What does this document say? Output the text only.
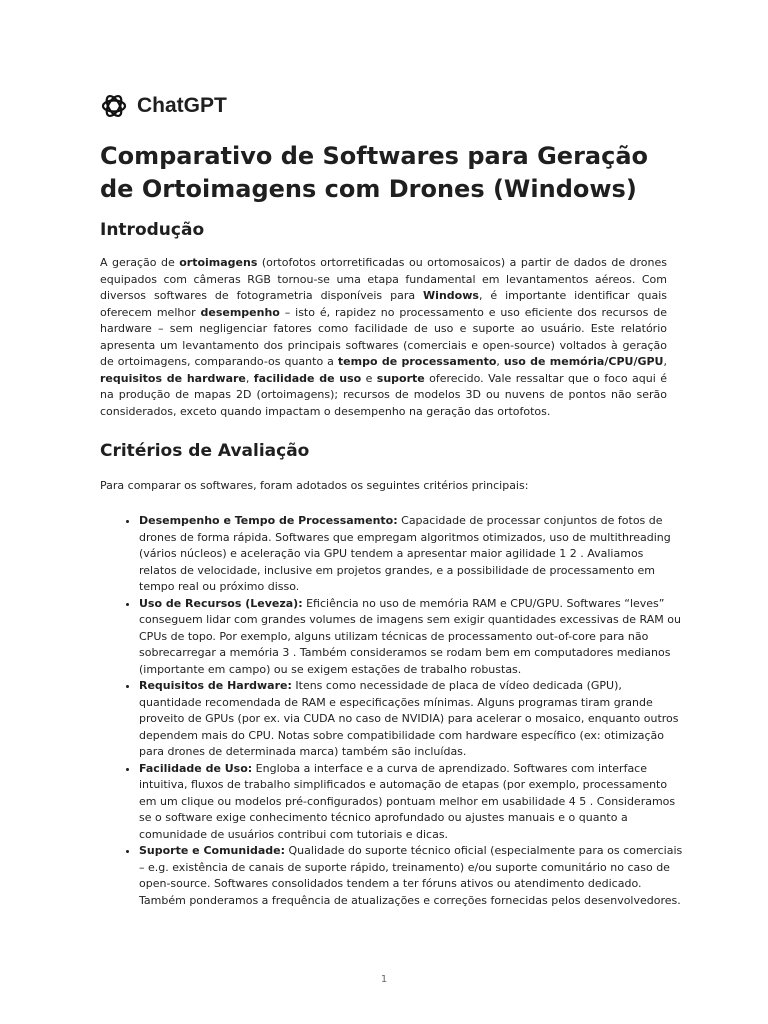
ChatGPT
Comparativo de Softwares para Geração de Ortoimagens com Drones (Windows)
Introdução

A geração de ortoimagens (ortofotos ortorretificadas ou ortomosaicos) a partir de dados de drones equipados com câmeras RGB tornou-se uma etapa fundamental em levantamentos aéreos. Com diversos softwares de fotogrametria disponíveis para Windows, é importante identificar quais oferecem melhor desempenho – isto é, rapidez no processamento e uso eficiente dos recursos de hardware – sem negligenciar fatores como facilidade de uso e suporte ao usuário. Este relatório apresenta um levantamento dos principais softwares (comerciais e open-source) voltados à geração de ortoimagens, comparando-os quanto a tempo de processamento, uso de memória/CPU/GPU, requisitos de hardware, facilidade de uso e suporte oferecido. Vale ressaltar que o foco aqui é na produção de mapas 2D (ortoimagens); recursos de modelos 3D ou nuvens de pontos não serão considerados, exceto quando impactam o desempenho na geração das ortofotos.

Critérios de Avaliação

Para comparar os softwares, foram adotados os seguintes critérios principais:

• Desempenho e Tempo de Processamento: Capacidade de processar conjuntos de fotos de drones de forma rápida. Softwares que empregam algoritmos otimizados, uso de multithreading (vários núcleos) e aceleração via GPU tendem a apresentar maior agilidade 1 2 . Avaliamos relatos de velocidade, inclusive em projetos grandes, e a possibilidade de processamento em tempo real ou próximo disso.
• Uso de Recursos (Leveza): Eficiência no uso de memória RAM e CPU/GPU. Softwares “leves” conseguem lidar com grandes volumes de imagens sem exigir quantidades excessivas de RAM ou CPUs de topo. Por exemplo, alguns utilizam técnicas de processamento out-of-core para não sobrecarregar a memória 3 . Também consideramos se rodam bem em computadores medianos (importante em campo) ou se exigem estações de trabalho robustas.
• Requisitos de Hardware: Itens como necessidade de placa de vídeo dedicada (GPU), quantidade recomendada de RAM e especificações mínimas. Alguns programas tiram grande proveito de GPUs (por ex. via CUDA no caso de NVIDIA) para acelerar o mosaico, enquanto outros dependem mais do CPU. Notas sobre compatibilidade com hardware específico (ex: otimização para drones de determinada marca) também são incluídas.
• Facilidade de Uso: Engloba a interface e a curva de aprendizado. Softwares com interface intuitiva, fluxos de trabalho simplificados e automação de etapas (por exemplo, processamento em um clique ou modelos pré-configurados) pontuam melhor em usabilidade 4 5 . Consideramos se o software exige conhecimento técnico aprofundado ou ajustes manuais e o quanto a comunidade de usuários contribui com tutoriais e dicas.
• Suporte e Comunidade: Qualidade do suporte técnico oficial (especialmente para os comerciais – e.g. existência de canais de suporte rápido, treinamento) e/ou suporte comunitário no caso de open-source. Softwares consolidados tendem a ter fóruns ativos ou atendimento dedicado. Também ponderamos a frequência de atualizações e correções fornecidas pelos desenvolvedores.
1
